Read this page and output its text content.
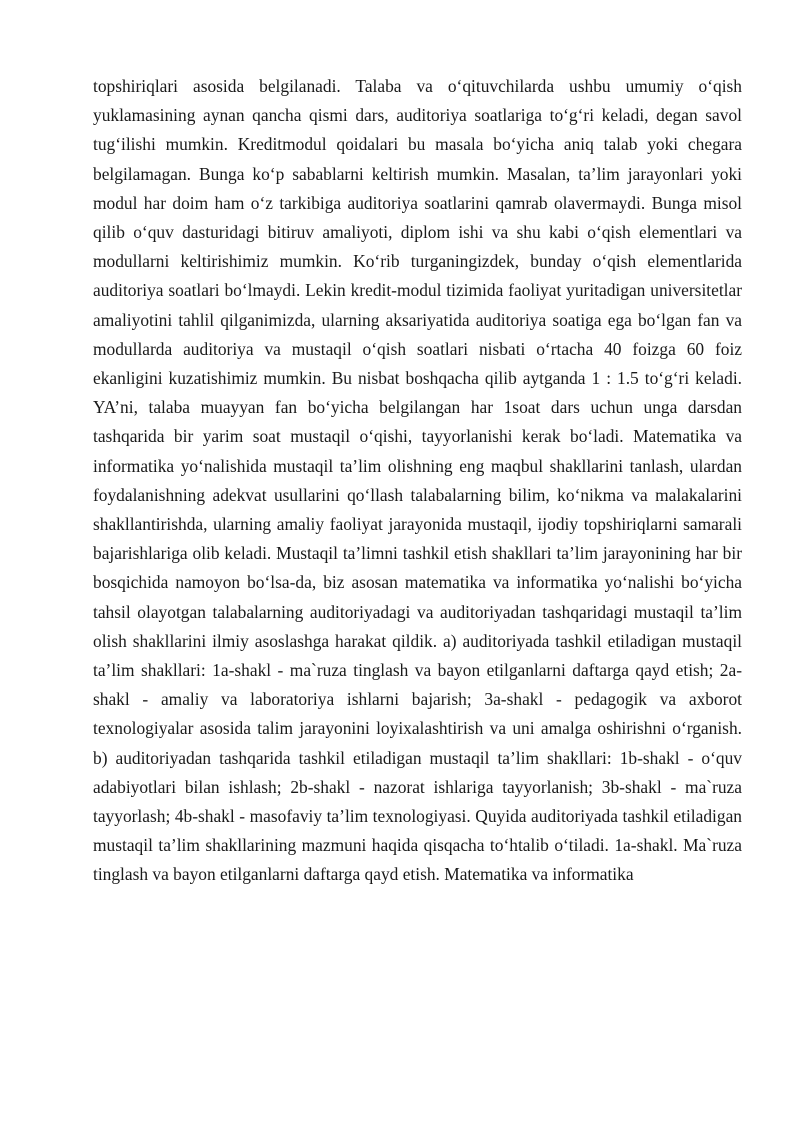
topshiriqlari asosida belgilanadi. Talaba va o‘qituvchilarda ushbu umumiy o‘qish yuklamasining aynan qancha qismi dars, auditoriya soatlariga to‘g‘ri keladi, degan savol tug‘ilishi mumkin. Kreditmodul qoidalari bu masala bo‘yicha aniq talab yoki chegara belgilamagan. Bunga ko‘p sabablarni keltirish mumkin. Masalan, ta’lim jarayonlari yoki modul har doim ham o‘z tarkibiga auditoriya soatlarini qamrab olavermaydi. Bunga misol qilib o‘quv dasturidagi bitiruv amaliyoti, diplom ishi va shu kabi o‘qish elementlari va modullarni keltirishimiz mumkin. Ko‘rib turganingizdek, bunday o‘qish elementlarida auditoriya soatlari bo‘lmaydi. Lekin kredit-modul tizimida faoliyat yuritadigan universitetlar amaliyotini tahlil qilganimizda, ularning aksariyatida auditoriya soatiga ega bo‘lgan fan va modullarda auditoriya va mustaqil o‘qish soatlari nisbati o‘rtacha 40 foizga 60 foiz ekanligini kuzatishimiz mumkin. Bu nisbat boshqacha qilib aytganda 1 : 1.5 to‘g‘ri keladi. YA’ni, talaba muayyan fan bo‘yicha belgilangan har 1soat dars uchun unga darsdan tashqarida bir yarim soat mustaqil o‘qishi, tayyorlanishi kerak bo‘ladi. Matematika va informatika yo‘nalishida mustaqil ta’lim olishning eng maqbul shakllarini tanlash, ulardan foydalanishning adekvat usullarini qo‘llash talabalarning bilim, ko‘nikma va malakalarini shakllantirishda, ularning amaliy faoliyat jarayonida mustaqil, ijodiy topshiriqlarni samarali bajarishlariga olib keladi. Mustaqil ta’limni tashkil etish shakllari ta’lim jarayonining har bir bosqichida namoyon bo‘lsa-da, biz asosan matematika va informatika yo‘nalishi bo‘yicha tahsil olayotgan talabalarning auditoriyadagi va auditoriyadan tashqaridagi mustaqil ta’lim olish shakllarini ilmiy asoslashga harakat qildik. a) auditoriyada tashkil etiladigan mustaqil ta’lim shakllari: 1a-shakl - ma`ruza tinglash va bayon etilganlarni daftarga qayd etish; 2a-shakl - amaliy va laboratoriya ishlarni bajarish; 3a-shakl - pedagogik va axborot texnologiyalar asosida talim jarayonini loyixalashtirish va uni amalga oshirishni o‘rganish. b) auditoriyadan tashqarida tashkil etiladigan mustaqil ta’lim shakllari: 1b-shakl - o‘quv adabiyotlari bilan ishlash; 2b-shakl - nazorat ishlariga tayyorlanish; 3b-shakl - ma`ruza tayyorlash; 4b-shakl - masofaviy ta’lim texnologiyasi. Quyida auditoriyada tashkil etiladigan mustaqil ta’lim shakllarining mazmuni haqida qisqacha to‘htalib o‘tiladi. 1a-shakl. Ma`ruza tinglash va bayon etilganlarni daftarga qayd etish. Matematika va informatika
